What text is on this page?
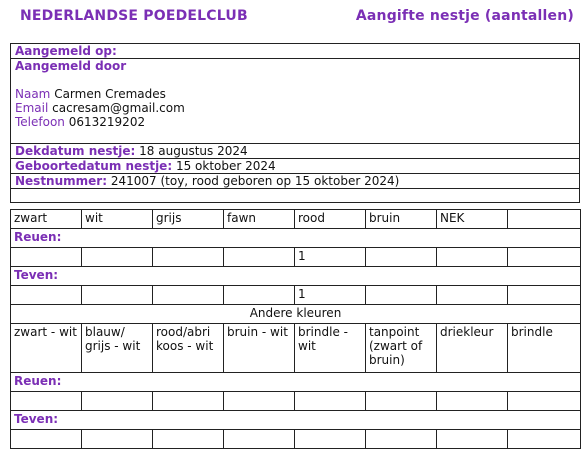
NEDERLANDSE POEDELCLUB	Aangifte nestje (aantallen)
Aangemeld op:
Aangemeld door
Naam Carmen Cremades
Email cacresam@gmail.com
Telefoon 0613219202
Dekdatum nestje: 18 augustus 2024
Geboortedatum nestje: 15 oktober 2024
Nestnummer: 241007 (toy, rood geboren op 15 oktober 2024)
zwart	wit	grijs	fawn	rood	bruin	NEK	
Reuen:							
				1			
Teven:							
				1			
Andere kleuren							
zwart - wit	blauw/ grijs - wit	rood/abri koos - wit	bruin - wit	brindle - wit	tanpoint (zwart of bruin)	driekleur	brindle
Reuen:							

Teven:							
